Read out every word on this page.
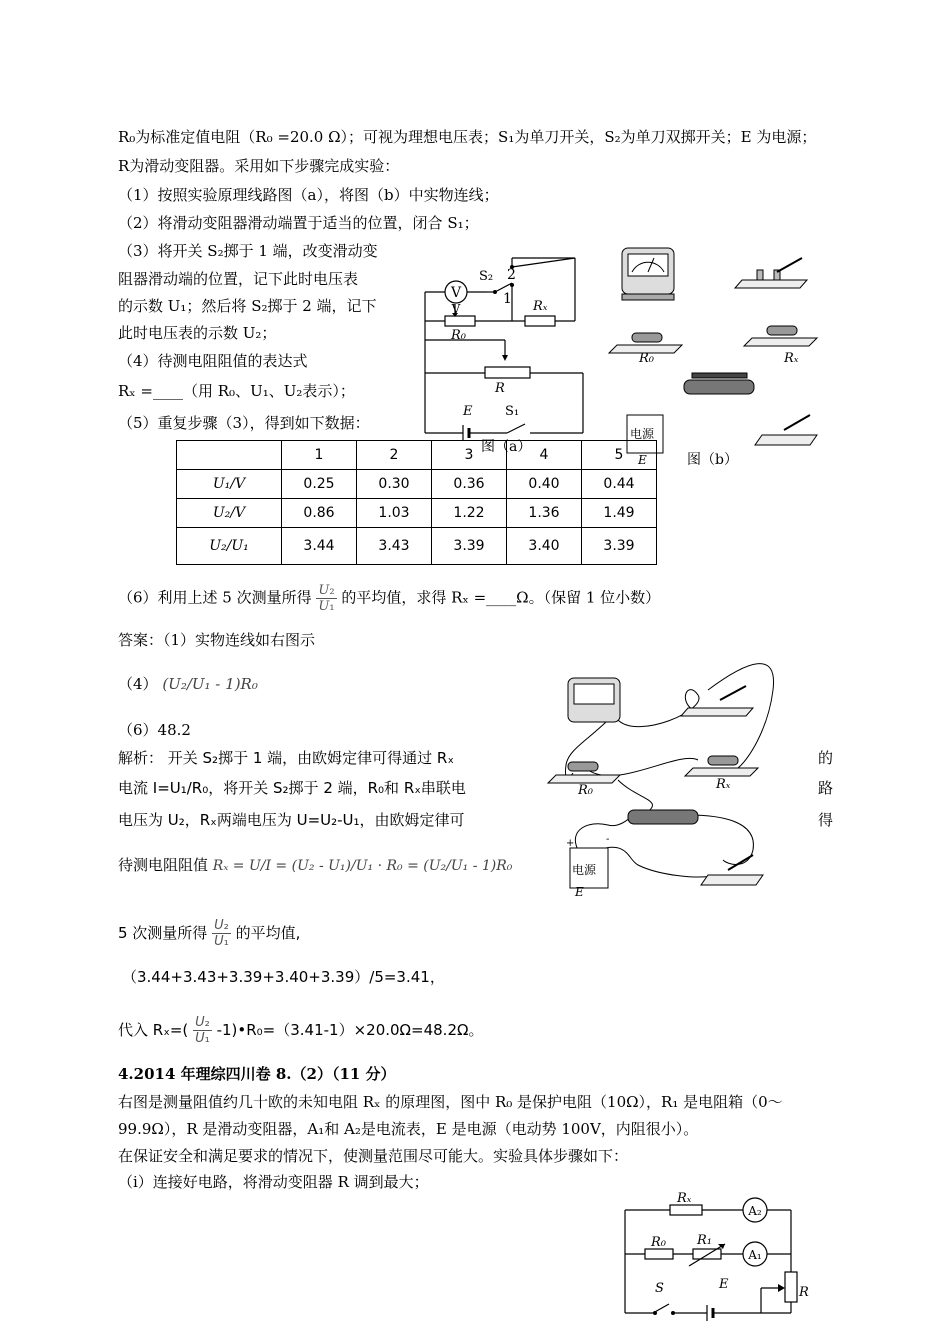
R₀为标准定值电阻（R₀ =20.0 Ω）；可视为理想电压表；S₁为单刀开关，S₂为单刀双掷开关；E 为电源；
R为滑动变阻器。采用如下步骤完成实验：
（1）按照实验原理线路图（a），将图（b）中实物连线；
（2）将滑动变阻器滑动端置于适当的位置，闭合 S₁；
（3）将开关 S₂掷于 1 端，改变滑动变
阻器滑动端的位置，记下此时电压表
的示数 U₁；然后将 S₂掷于 2 端，记下
此时电压表的示数 U₂；
（4）待测电阻阻值的表达式
Rₓ =____（用 R₀、U₁、U₂表示）；
（5）重复步骤（3），得到如下数据：
V
V
S₂ 2
1 Rₓ
R₀
R
E	S₁
图（a）
R₀	Rₓ
电源
E	图（b）
	1	2	3	4	5
U₁/V	0.25	0.30	0.36	0.40	0.44
U₂/V	0.86	1.03	1.22	1.36	1.49
U₂/U₁	3.44	3.43	3.39	3.40	3.39
（6）利用上述 5 次测量所得 $\frac{\text{U₂}}{\text{U₁}}$ 的平均值，求得 Rₓ =____Ω。（保留 1 位小数）
答案：（1）实物连线如右图示
（4） (U₂/U₁ - 1)R₀
（6）48.2
解析： 开关 S₂掷于 1 端，由欧姆定律可得通过 Rₓ	的
电流 I=U₁/R₀，将开关 S₂掷于 2 端，R₀和 Rₓ串联电	路
电压为 U₂，Rₓ两端电压为 U=U₂-U₁，由欧姆定律可	得
待测电阻阻值 Rₓ = U/I = (U₂ - U₁)/U₁ · R₀ = (U₂/U₁ - 1)R₀
5 次测量所得 $\frac{\text{U₂}}{\text{U₁}}$ 的平均值,
（3.44+3.43+3.39+3.40+3.39）/5=3.41，
代入 $R_x=( \frac{\text{U₂}}{\text{U₁}}$ -1)•R₀=（3.41-1）×20.0Ω=48.2Ω。
R₀	Rₓ
电源
E
+	-
4.2014 年理综四川卷 8.（2）（11 分）
右图是测量阻值约几十欧的未知电阻 Rₓ 的原理图，图中 R₀ 是保护电阻（10Ω），R₁ 是电阻箱（0～
99.9Ω），R 是滑动变阻器，A₁和 A₂是电流表，E 是电源（电动势 100V，内阻很小）。
在保证安全和满足要求的情况下，使测量范围尽可能大。实验具体步骤如下：
（i）连接好电路，将滑动变阻器 R 调到最大；
Rₓ
A₂
R₀ R₁
A₁
S	E
R
